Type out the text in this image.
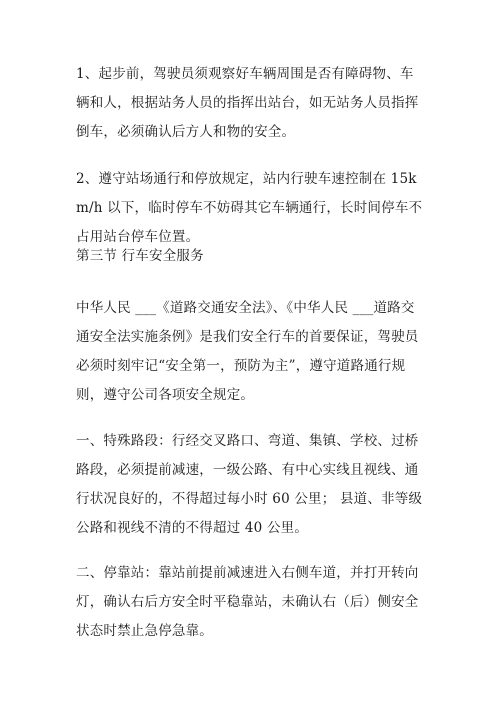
1、起步前，驾驶员须观察好车辆周围是否有障碍物、车辆和人，根据站务人员的指挥出站台，如无站务人员指挥倒车，必须确认后方人和物的安全。

2、遵守站场通行和停放规定，站内行驶车速控制在 15km/h 以下，临时停车不妨碍其它车辆通行，长时间停车不占用站台停车位置。

第三节 行车安全服务

中华人民 ___《道路交通安全法》、《中华人民 ___道路交通安全法实施条例》是我们安全行车的首要保证，驾驶员必须时刻牢记“安全第一，预防为主”，遵守道路通行规则，遵守公司各项安全规定。

一、特殊路段：行经交叉路口、弯道、集镇、学校、过桥路段，必须提前减速，一级公路、有中心实线且视线、通行状况良好的，不得超过每小时 60 公里； 县道、非等级公路和视线不清的不得超过 40 公里。

二、停靠站：靠站前提前减速进入右侧车道，并打开转向灯，确认右后方安全时平稳靠站，未确认右（后）侧安全状态时禁止急停急靠。
